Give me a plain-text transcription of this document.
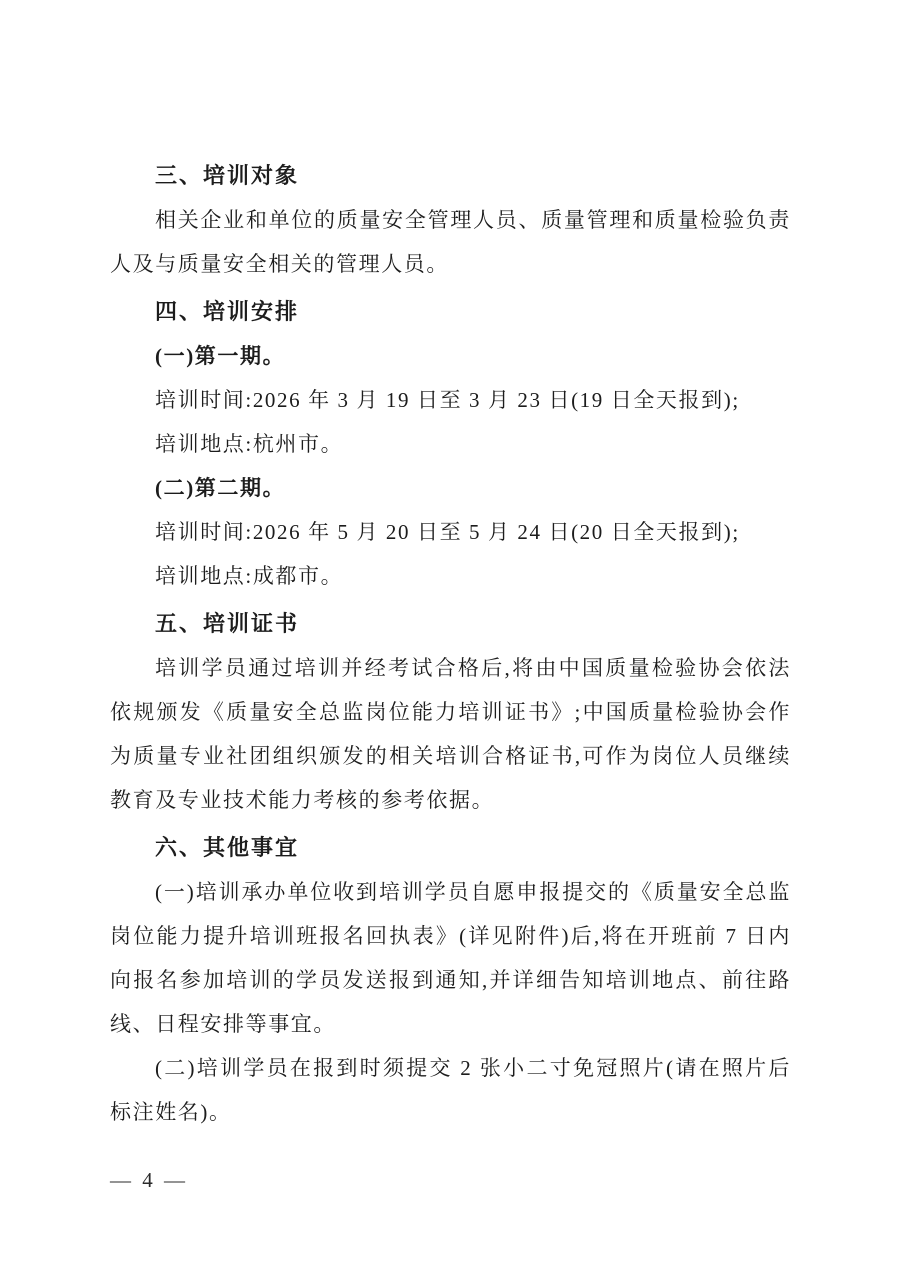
三、培训对象

相关企业和单位的质量安全管理人员、质量管理和质量检验负责人及与质量安全相关的管理人员。

四、培训安排

(一)第一期。

培训时间:2026 年 3 月 19 日至 3 月 23 日(19 日全天报到);

培训地点:杭州市。

(二)第二期。

培训时间:2026 年 5 月 20 日至 5 月 24 日(20 日全天报到);

培训地点:成都市。

五、培训证书

培训学员通过培训并经考试合格后,将由中国质量检验协会依法依规颁发《质量安全总监岗位能力培训证书》;中国质量检验协会作为质量专业社团组织颁发的相关培训合格证书,可作为岗位人员继续教育及专业技术能力考核的参考依据。

六、其他事宜

(一)培训承办单位收到培训学员自愿申报提交的《质量安全总监岗位能力提升培训班报名回执表》(详见附件)后,将在开班前 7 日内向报名参加培训的学员发送报到通知,并详细告知培训地点、前往路线、日程安排等事宜。

(二)培训学员在报到时须提交 2 张小二寸免冠照片(请在照片后标注姓名)。

— 4 —
